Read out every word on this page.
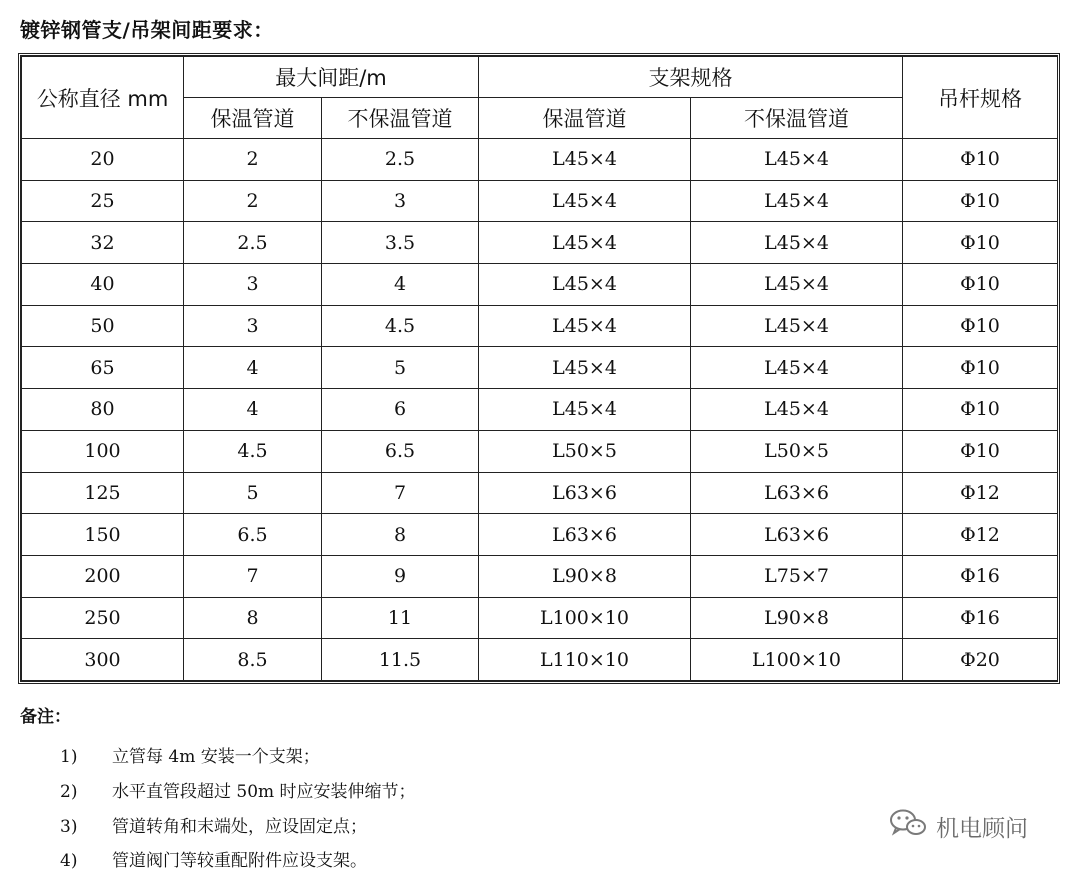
镀锌钢管支/吊架间距要求：
公称直径 mm	最大间距/m		支架规格		吊杆规格
	保温管道	不保温管道	保温管道	不保温管道	
20	2	2.5	L45×4	L45×4	Φ10
25	2	3	L45×4	L45×4	Φ10
32	2.5	3.5	L45×4	L45×4	Φ10
40	3	4	L45×4	L45×4	Φ10
50	3	4.5	L45×4	L45×4	Φ10
65	4	5	L45×4	L45×4	Φ10
80	4	6	L45×4	L45×4	Φ10
100	4.5	6.5	L50×5	L50×5	Φ10
125	5	7	L63×6	L63×6	Φ12
150	6.5	8	L63×6	L63×6	Φ12
200	7	9	L90×8	L75×7	Φ16
250	8	11	L100×10	L90×8	Φ16
300	8.5	11.5	L110×10	L100×10	Φ20
备注：
1) 立管每 4m 安装一个支架；
2) 水平直管段超过 50m 时应安装伸缩节；
3) 管道转角和末端处，应设固定点；
4) 管道阀门等较重配附件应设支架。
机电顾问
